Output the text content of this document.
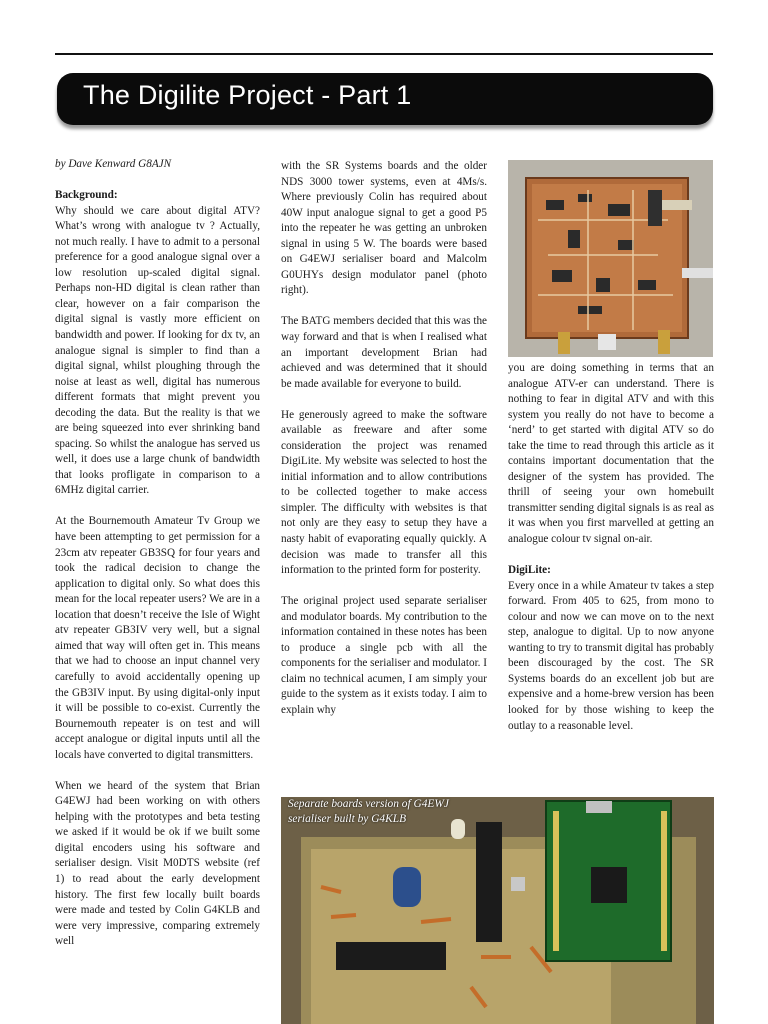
The Digilite Project - Part 1

by Dave Kenward G8AJN

Background:
Why should we care about digital ATV? What’s wrong with analogue tv ? Actually, not much really. I have to admit to a personal preference for a good analogue signal over a low resolution up-scaled digital signal. Perhaps non-HD digital is clean rather than clear, however on a fair comparison the digital signal is vastly more efficient on bandwidth and power. If looking for dx tv, an analogue signal is simpler to find than a digital signal, whilst ploughing through the noise at least as well, digital has numerous different formats that might prevent you decoding the data. But the reality is that we are being squeezed into ever shrinking band spacing. So whilst the analogue has served us well, it does use a large chunk of bandwidth that looks profligate in comparison to a 6MHz digital carrier.

At the Bournemouth Amateur Tv Group we have been attempting to get permission for a 23cm atv repeater GB3SQ for four years and took the radical decision to change the application to digital only. So what does this mean for the local repeater users? We are in a location that doesn’t receive the Isle of Wight atv repeater GB3IV very well, but a signal aimed that way will often get in. This means that we had to choose an input channel very carefully to avoid accidentally opening up the GB3IV input. By using digital-only input it will be possible to co-exist. Currently the Bournemouth repeater is on test and will accept analogue or digital inputs until all the locals have converted to digital transmitters.

When we heard of the system that Brian G4EWJ had been working on with others helping with the prototypes and beta testing we asked if it would be ok if we built some digital encoders using his software and serialiser design. Visit M0DTS website (ref 1) to read about the early development history. The first few locally built boards were made and tested by Colin G4KLB and were very impressive, comparing extremely well

with the SR Systems boards and the older NDS 3000 tower systems, even at 4Ms/s. Where previously Colin has required about 40W input analogue signal to get a good P5 into the repeater he was getting an unbroken signal in using 5 W. The boards were based on G4EWJ serialiser board and Malcolm G0UHYs design modulator panel (photo right).

The BATG members decided that this was the way forward and that is when I realised what an important development Brian had achieved and was determined that it should be made available for everyone to build.

He generously agreed to make the software available as freeware and after some consideration the project was renamed DigiLite. My website was selected to host the initial information and to allow contributions to be collected together to make access simpler. The difficulty with websites is that not only are they easy to setup they have a nasty habit of evaporating equally quickly. A decision was made to transfer all this information to the printed form for posterity.

The original project used separate serialiser and modulator boards. My contribution to the information contained in these notes has been to produce a single pcb with all the components for the serialiser and modulator. I claim no technical acumen, I am simply your guide to the system as it exists today. I aim to explain why

you are doing something in terms that an analogue ATV-er can understand. There is nothing to fear in digital ATV and with this system you really do not have to become a ‘nerd’ to get started with digital ATV so do take the time to read through this article as it contains important documentation that the designer of the system has provided. The thrill of seeing your own homebuilt transmitter sending digital signals is as real as it was when you first marvelled at getting an analogue colour tv signal on-air.

DigiLite:
Every once in a while Amateur tv takes a step forward. From 405 to 625, from mono to colour and now we can move on to the next step, analogue to digital. Up to now anyone wanting to try to transmit digital has probably been discouraged by the cost. The SR Systems boards do an excellent job but are expensive and a home-brew version has been looked for by those wishing to keep the outlay to a reasonable level.

Separate boards version of G4EWJ serialiser built by G4KLB
